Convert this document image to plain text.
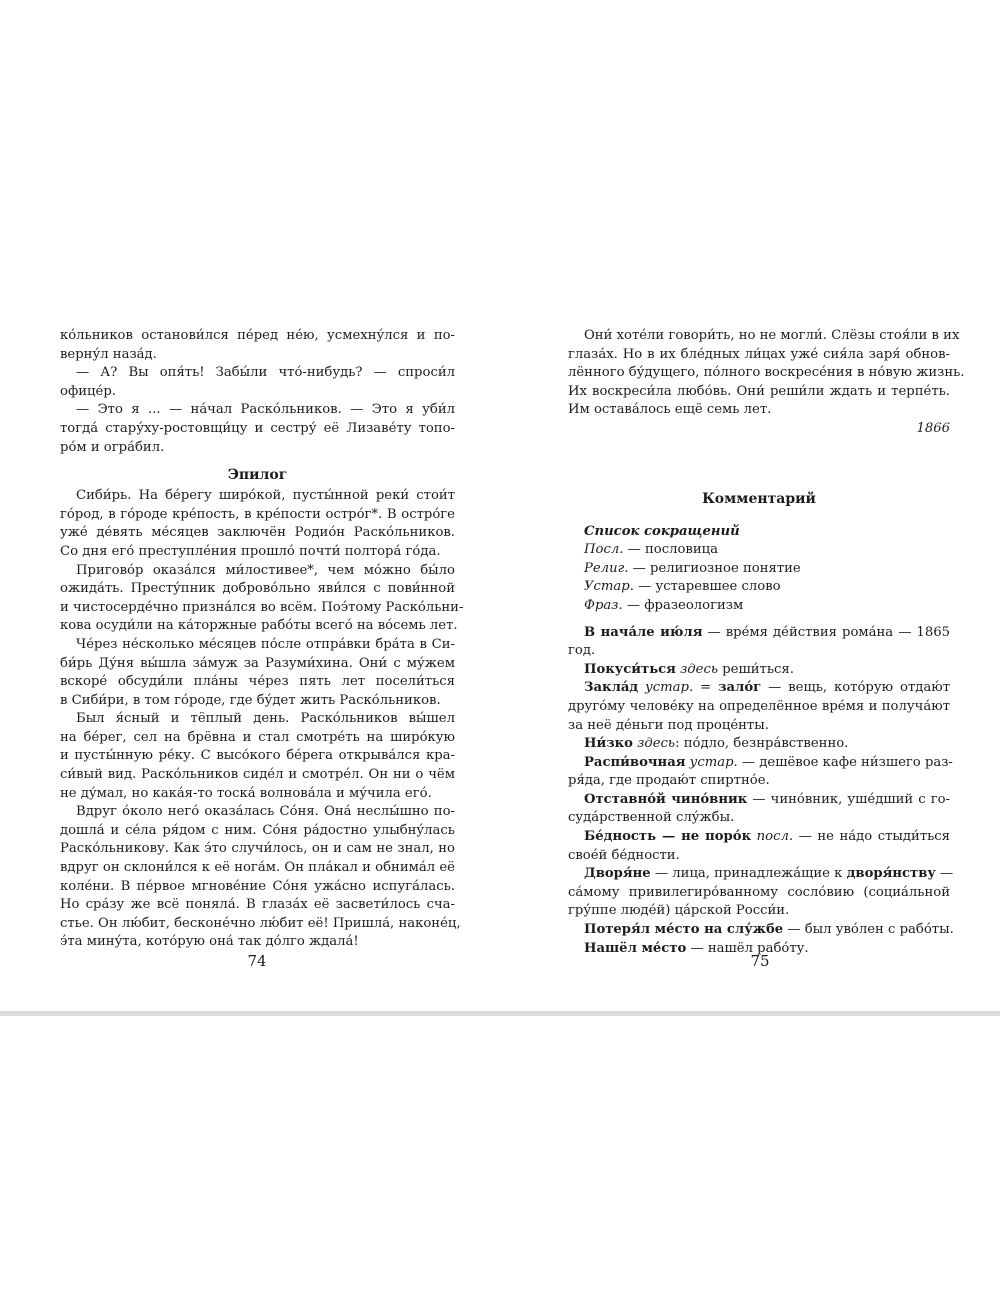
ко́льников останови́лся пе́ред не́ю, усмехну́лся и по-
верну́л наза́д.
— А? Вы опя́ть! Забы́ли что́-нибудь? — спроси́л
офице́р.
— Это я ... — на́чал Раско́льников. — Это я уби́л
тогда́ стару́ху-ростовщи́цу и сестру́ её Лизаве́ту топо-
ро́м и огра́бил.
Эпилог
Сиби́рь. На бе́регу широ́кой, пусты́нной реки́ стои́т
го́род, в го́роде кре́пость, в кре́пости остро́г*. В остро́ге
уже́ де́вять ме́сяцев заключён Родио́н Раско́льников.
Со дня его́ преступле́ния прошло́ почти́ полтора́ го́да.
Пригово́р оказа́лся ми́лостивее*, чем мо́жно бы́ло
ожида́ть. Престу́пник доброво́льно яви́лся с пови́нной
и чистосерде́чно призна́лся во всём. Поэ́тому Раско́льни-
кова осуди́ли на ка́торжные рабо́ты всего́ на во́семь лет.
Че́рез не́сколько ме́сяцев по́сле отпра́вки бра́та в Си-
би́рь Ду́ня вы́шла за́муж за Разуми́хина. Они́ с му́жем
вскоре́ обсуди́ли пла́ны че́рез пять лет посели́ться
в Сиби́ри, в том го́роде, где бу́дет жить Раско́льников.
Был я́сный и тёплый день. Раско́льников вы́шел
на бе́рег, сел на брёвна и стал смотре́ть на широ́кую
и пусты́нную ре́ку. С высо́кого бе́рега открыва́лся кра-
си́вый вид. Раско́льников сиде́л и смотре́л. Он ни о чём
не ду́мал, но кака́я-то тоска́ волнова́ла и му́чила его́.
Вдруг о́коло него́ оказа́лась Со́ня. Она́ неслы́шно по-
дошла́ и се́ла ря́дом с ним. Со́ня ра́достно улыбну́лась
Раско́льникову. Как э́то случи́лось, он и сам не знал, но
вдруг он склони́лся к её нога́м. Он пла́кал и обнима́л её
коле́ни. В пе́рвое мгнове́ние Со́ня ужа́сно испуга́лась.
Но сра́зу же всё поняла́. В глаза́х её засвети́лось сча-
стье. Он лю́бит, бесконе́чно лю́бит её! Пришла́, наконе́ц,
э́та мину́та, кото́рую она́ так до́лго ждала́!
Они́ хоте́ли говори́ть, но не могли́. Слёзы стоя́ли в их
глаза́х. Но в их бле́дных ли́цах уже́ сия́ла заря́ обнов-
лённого бу́дущего, по́лного воскресе́ния в но́вую жизнь.
Их воскреси́ла любо́вь. Они́ реши́ли ждать и терпе́ть.
Им остава́лось ещё семь лет.
1866
Комментарий
Список сокращений
Посл. — пословица
Религ. — религиозное понятие
Устар. — устаревшее слово
Фраз. — фразеологизм
В нача́ле ию́ля — вре́мя де́йствия рома́на — 1865
год.
Покуси́ться здесь реши́ться.
Закла́д устар. = зало́г — вещь, кото́рую отдаю́т
друго́му челове́ку на определённое вре́мя и получа́ют
за неё де́ньги под проце́нты.
Ни́зко здесь: по́дло, безнра́вственно.
Распи́вочная устар. — дешёвое кафе ни́зшего раз-
ря́да, где продаю́т спиртно́е.
Отставно́й чино́вник — чино́вник, уше́дший с го-
суда́рственной слу́жбы.
Бе́дность — не поро́к посл. — не на́до стыди́ться
свое́й бе́дности.
Дворя́не — лица, принадлежа́щие к дворя́нству —
са́мому привилегиро́ванному сосло́вию (социа́льной
гру́ппе люде́й) ца́рской Росси́и.
Потеря́л ме́сто на слу́жбе — был уво́лен с рабо́ты.
Нашёл ме́сто — нашёл рабо́ту.
74	75
